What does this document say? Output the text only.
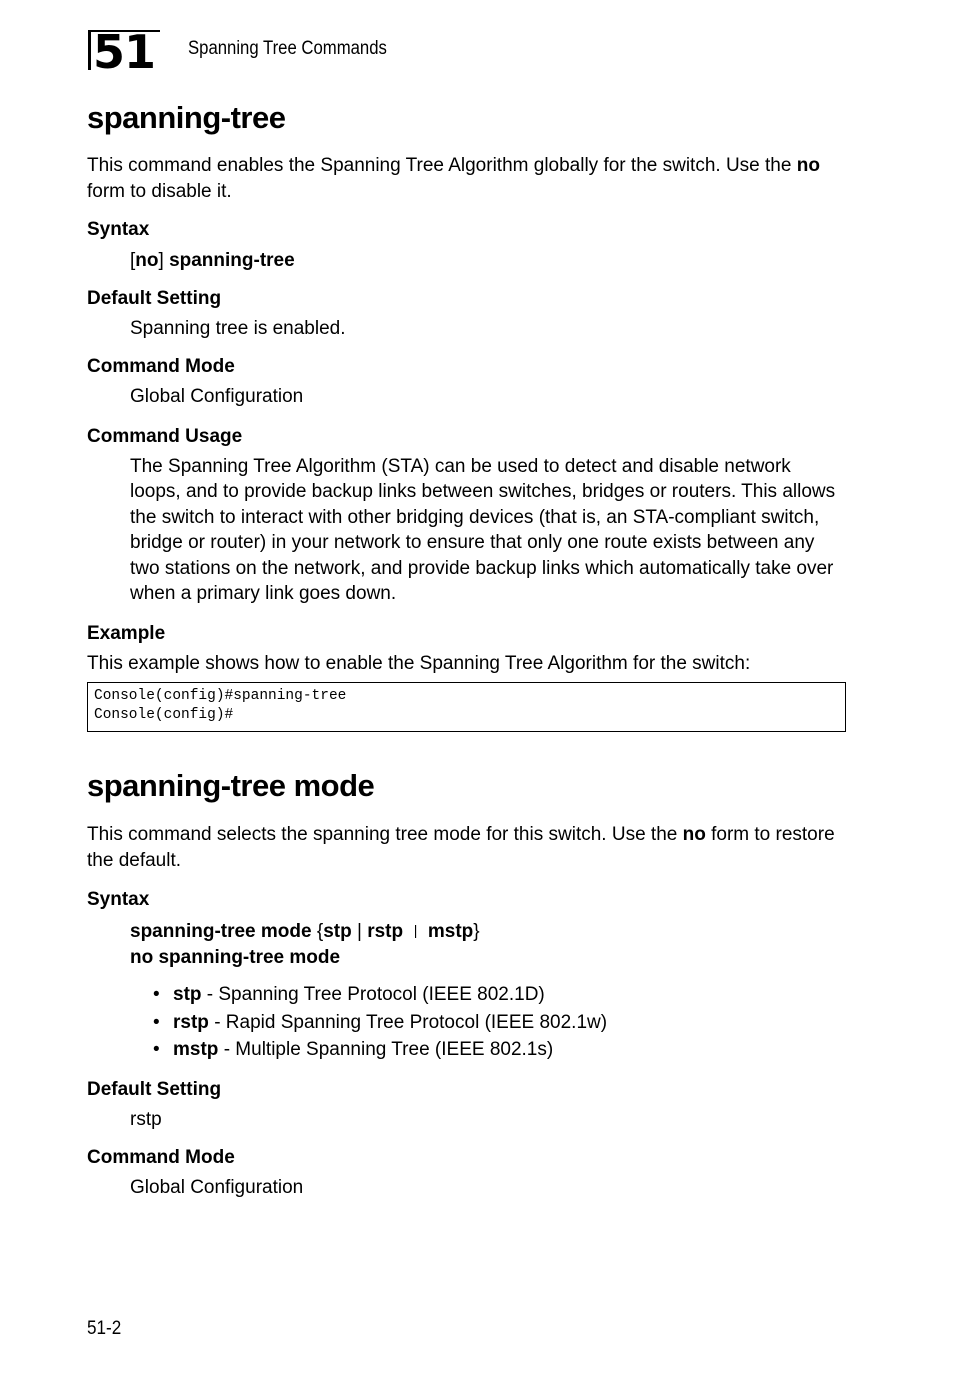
51 Spanning Tree Commands
spanning-tree

This command enables the Spanning Tree Algorithm globally for the switch. Use the no form to disable it.

Syntax

[no] spanning-tree

Default Setting

Spanning tree is enabled.

Command Mode

Global Configuration

Command Usage

The Spanning Tree Algorithm (STA) can be used to detect and disable network loops, and to provide backup links between switches, bridges or routers. This allows the switch to interact with other bridging devices (that is, an STA-compliant switch, bridge or router) in your network to ensure that only one route exists between any two stations on the network, and provide backup links which automatically take over when a primary link goes down.

Example

This example shows how to enable the Spanning Tree Algorithm for the switch:

Console(config)#spanning-tree
Console(config)#
spanning-tree mode

This command selects the spanning tree mode for this switch. Use the no form to restore the default.

Syntax

spanning-tree mode {stp | rstp | mstp}

no spanning-tree mode

• stp - Spanning Tree Protocol (IEEE 802.1D)
• rstp - Rapid Spanning Tree Protocol (IEEE 802.1w)
• mstp - Multiple Spanning Tree (IEEE 802.1s)

Default Setting

rstp

Command Mode

Global Configuration

51-2
